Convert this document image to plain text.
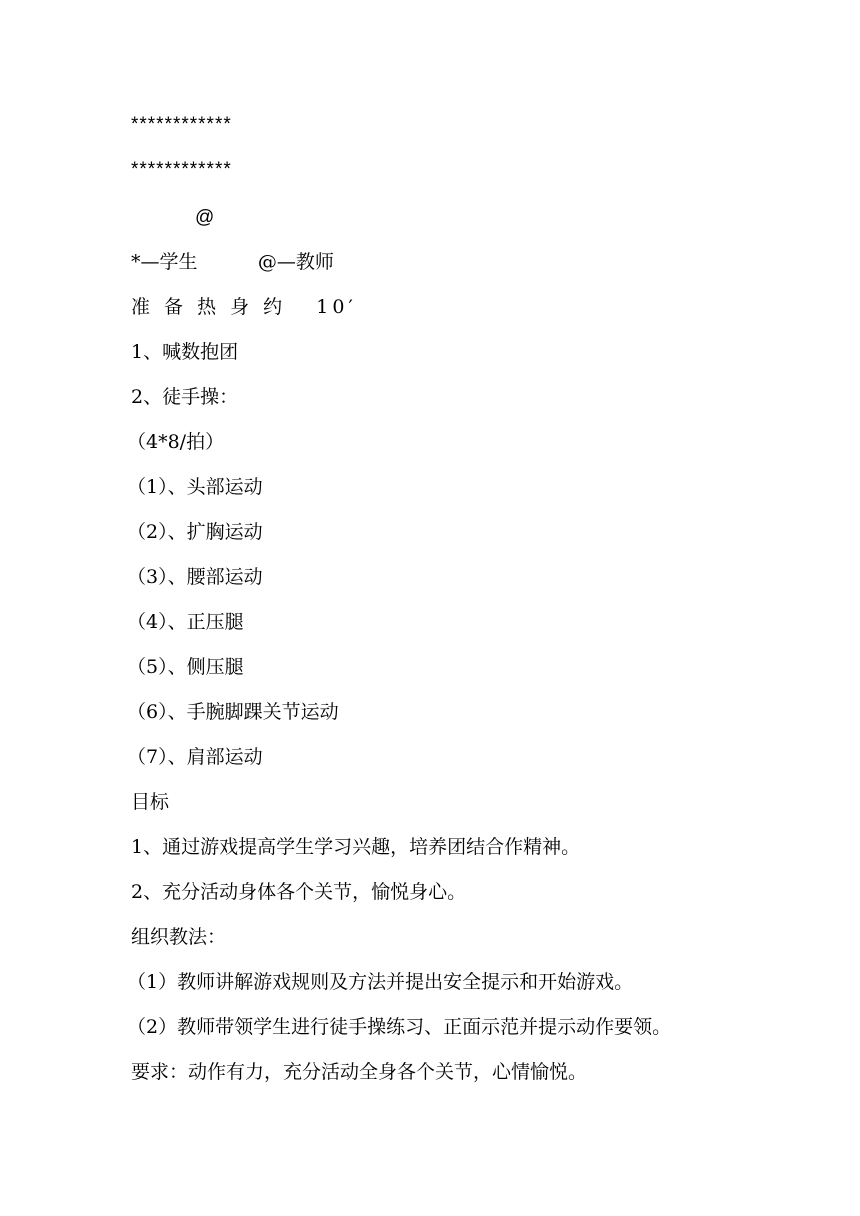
************
************
@
*—学生          @—教师
准 备 热 身 约   10′
1、喊数抱团
2、徒手操：
（4*8/拍）
（1）、头部运动
（2）、扩胸运动
（3）、腰部运动
（4）、正压腿
（5）、侧压腿
（6）、手腕脚踝关节运动
（7）、肩部运动
目标
1、通过游戏提高学生学习兴趣，培养团结合作精神。
2、充分活动身体各个关节，愉悦身心。
组织教法：
（1）教师讲解游戏规则及方法并提出安全提示和开始游戏。
（2）教师带领学生进行徒手操练习、正面示范并提示动作要领。
要求：动作有力，充分活动全身各个关节，心情愉悦。
